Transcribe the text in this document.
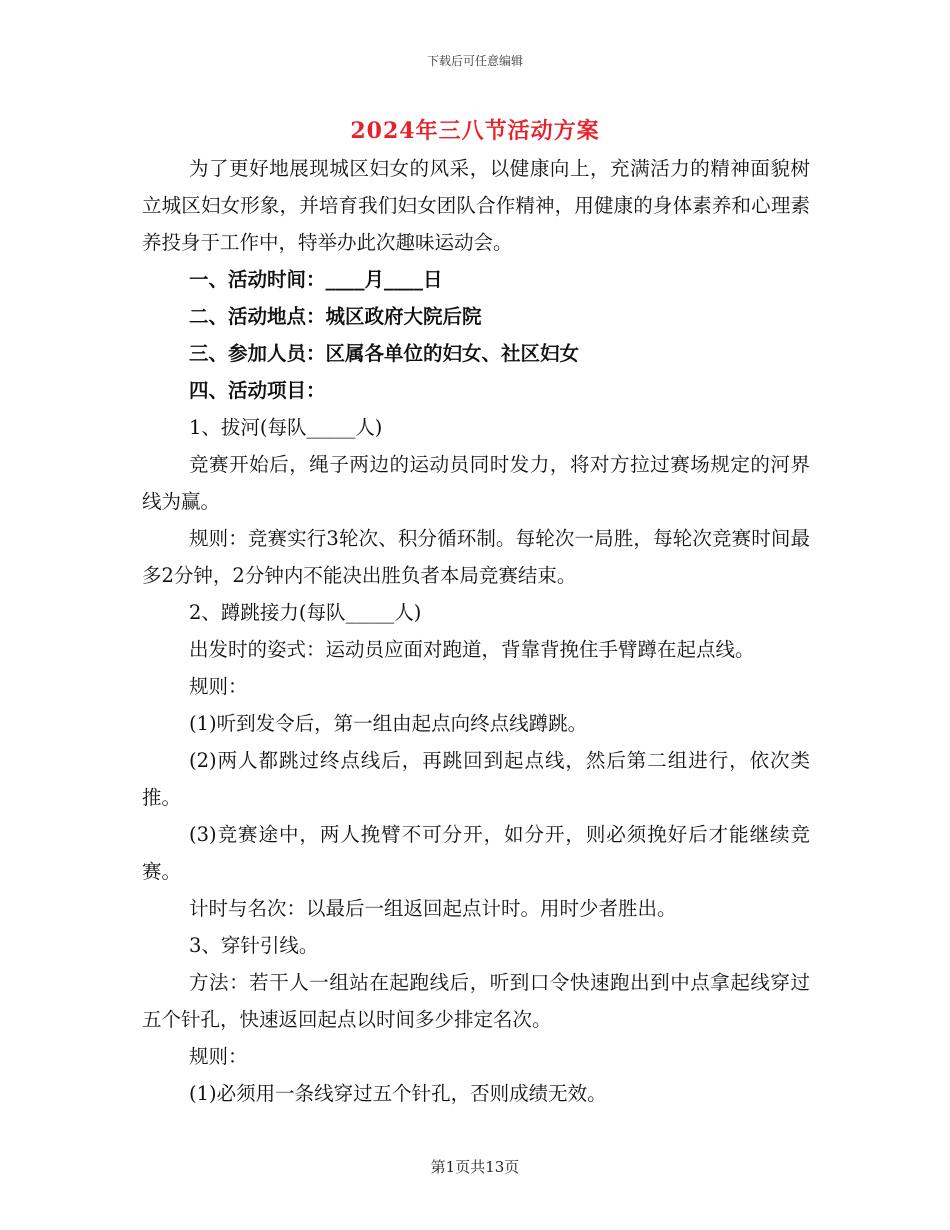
下载后可任意编辑
2024年三八节活动方案

为了更好地展现城区妇女的风采，以健康向上，充满活力的精神面貌树立城区妇女形象，并培育我们妇女团队合作精神，用健康的身体素养和心理素养投身于工作中，特举办此次趣味运动会。

一、活动时间：____月____日

二、活动地点：城区政府大院后院

三、参加人员：区属各单位的妇女、社区妇女

四、活动项目：

1、拔河(每队_____人)

竞赛开始后，绳子两边的运动员同时发力，将对方拉过赛场规定的河界线为赢。

规则：竞赛实行3轮次、积分循环制。每轮次一局胜，每轮次竞赛时间最多2分钟，2分钟内不能决出胜负者本局竞赛结束。

2、蹲跳接力(每队_____人)

出发时的姿式：运动员应面对跑道，背靠背挽住手臂蹲在起点线。

规则：

(1)听到发令后，第一组由起点向终点线蹲跳。

(2)两人都跳过终点线后，再跳回到起点线，然后第二组进行，依次类推。

(3)竞赛途中，两人挽臂不可分开，如分开，则必须挽好后才能继续竞赛。

计时与名次：以最后一组返回起点计时。用时少者胜出。

3、穿针引线。

方法：若干人一组站在起跑线后，听到口令快速跑出到中点拿起线穿过五个针孔，快速返回起点以时间多少排定名次。

规则：

(1)必须用一条线穿过五个针孔，否则成绩无效。

第1页共13页
